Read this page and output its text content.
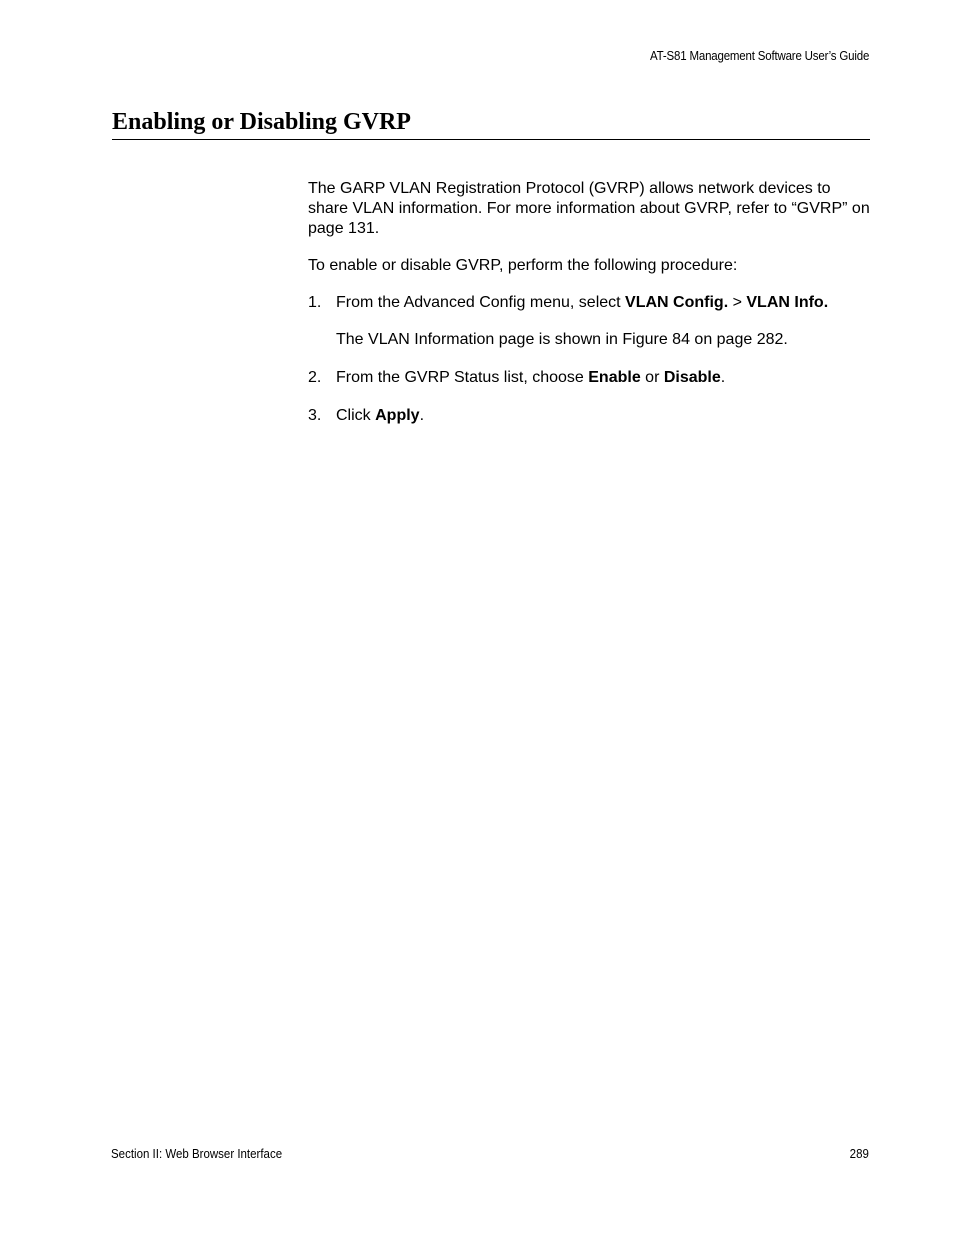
AT-S81 Management Software User’s Guide
Enabling or Disabling GVRP

The GARP VLAN Registration Protocol (GVRP) allows network devices to share VLAN information. For more information about GVRP, refer to “GVRP” on page 131.

To enable or disable GVRP, perform the following procedure:

1. From the Advanced Config menu, select VLAN Config. > VLAN Info.
The VLAN Information page is shown in Figure 84 on page 282.
2. From the GVRP Status list, choose Enable or Disable.
3. Click Apply.
Section II: Web Browser Interface	289
